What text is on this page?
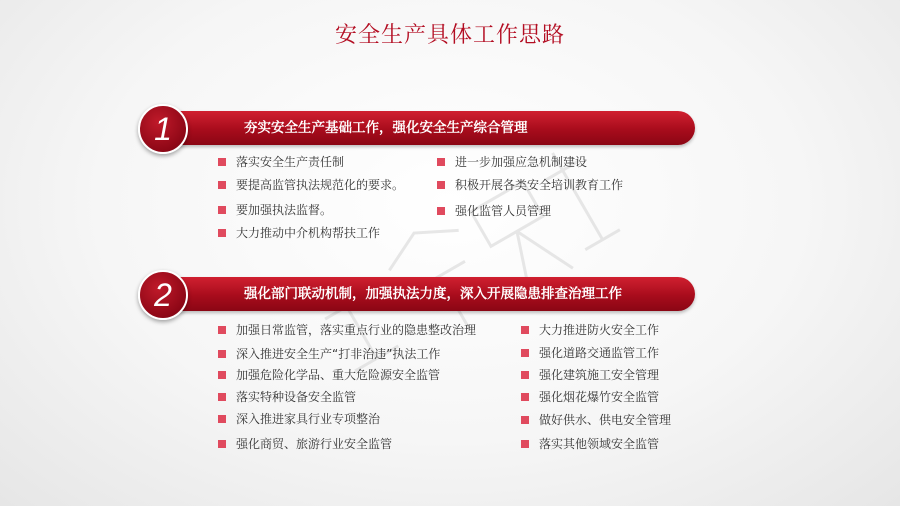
安全生产具体工作思路
夯实安全生产基础工作，强化安全生产综合管理
1
落实安全生产责任制
要提高监管执法规范化的要求。
要加强执法监督。
大力推动中介机构帮扶工作
进一步加强应急机制建设
积极开展各类安全培训教育工作
强化监管人员管理
强化部门联动机制，加强执法力度，深入开展隐患排查治理工作
2
加强日常监管，落实重点行业的隐患整改治理
深入推进安全生产“打非治违”执法工作
加强危险化学品、重大危险源安全监管
落实特种设备安全监管
深入推进家具行业专项整治
强化商贸、旅游行业安全监管
大力推进防火安全工作
强化道路交通监管工作
强化建筑施工安全管理
强化烟花爆竹安全监管
做好供水、供电安全管理
落实其他领域安全监管
